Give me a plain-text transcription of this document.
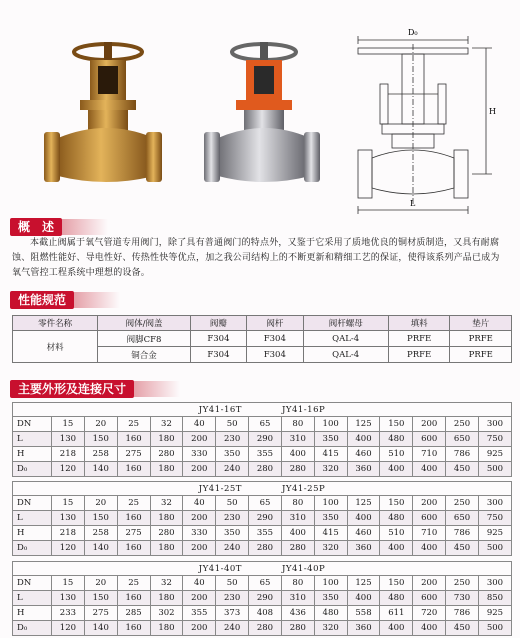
D₀
H
L
概　述
本截止阀属于氧气管道专用阀门，除了具有普通阀门的特点外，又鉴于它采用了质地优良的铜材质制造，又具有耐腐蚀、阻燃性能好、导电性好、传热性快等优点，加之我公司结构上的不断更新和精细工艺的保证，使得该系列产品已成为氧气管控工程系统中理想的设备。
性能规范
零件名称	阀体/阀盖	阀瓣	阀杆	阀杆螺母	填料	垫片
材料	阀脚CF8	F304	F304	QAL-4	PRFE	PRFE
	铜合金	F304	F304	QAL-4	PRFE	PRFE
主要外形及连接尺寸
JY41-16T JY41-16P														

DN	15	20	25	32	40	50	65	80	100	125	150	200	250	300
L	130	150	160	180	200	230	290	310	350	400	480	600	650	750
H	218	258	275	280	330	350	355	400	415	460	510	710	786	925
D₀	120	140	160	180	200	240	280	280	320	360	400	400	450	500
JY41-25T JY41-25P														

DN	15	20	25	32	40	50	65	80	100	125	150	200	250	300
L	130	150	160	180	200	230	290	310	350	400	480	600	650	750
H	218	258	275	280	330	350	355	400	415	460	510	710	786	925
D₀	120	140	160	180	200	240	280	280	320	360	400	400	450	500
JY41-40T JY41-40P														

DN	15	20	25	32	40	50	65	80	100	125	150	200	250	300
L	130	150	160	180	200	230	290	310	350	400	480	600	730	850
H	233	275	285	302	355	373	408	436	480	558	611	720	786	925
D₀	120	140	160	180	200	240	280	280	320	360	400	400	450	500
